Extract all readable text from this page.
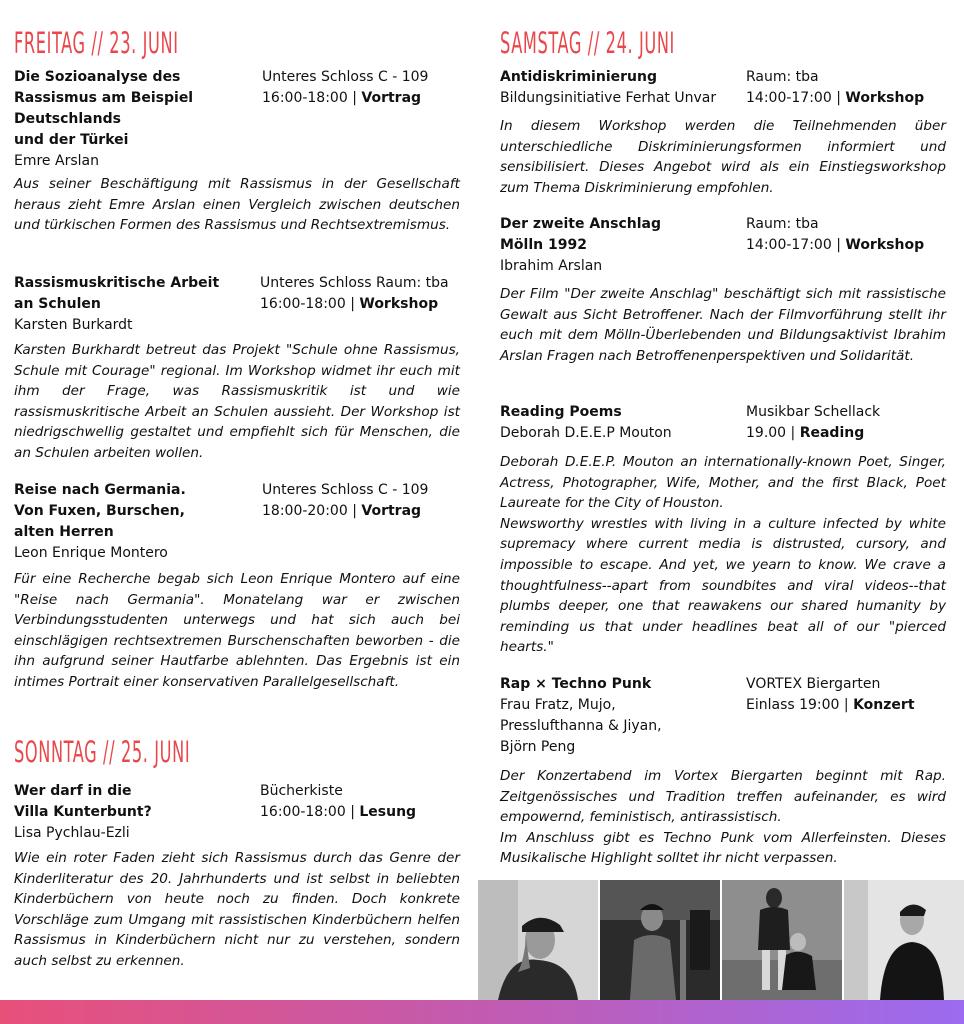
FREITAG // 23. JUNI
Die Sozioanalyse des
Rassismus am Beispiel
Deutschlands
und der Türkei
Emre Arslan
Unteres Schloss C - 109
16:00-18:00 | Vortrag

Aus seiner Beschäftigung mit Rassismus in der Gesellschaft heraus zieht Emre Arslan einen Vergleich zwischen deutschen und türkischen Formen des Rassismus und Rechtsextremismus.

Rassismuskritische Arbeit
an Schulen
Karsten Burkardt
Unteres Schloss Raum: tba
16:00-18:00 | Workshop

Karsten Burkhardt betreut das Projekt "Schule ohne Rassismus, Schule mit Courage" regional. Im Workshop widmet ihr euch mit ihm der Frage, was Rassismuskritik ist und wie rassismuskritische Arbeit an Schulen aussieht. Der Workshop ist niedrigschwellig gestaltet und empfiehlt sich für Menschen, die an Schulen arbeiten wollen.

Reise nach Germania.
Von Fuxen, Burschen,
alten Herren
Leon Enrique Montero
Unteres Schloss C - 109
18:00-20:00 | Vortrag

Für eine Recherche begab sich Leon Enrique Montero auf eine "Reise nach Germania". Monatelang war er zwischen Verbindungsstudenten unterwegs und hat sich auch bei einschlägigen rechtsextremen Burschenschaften beworben - die ihn aufgrund seiner Hautfarbe ablehnten. Das Ergebnis ist ein intimes Portrait einer konservativen Parallelgesellschaft.

SONNTAG // 25. JUNI
Wer darf in die
Villa Kunterbunt?
Lisa Pychlau-Ezli
Bücherkiste
16:00-18:00 | Lesung

Wie ein roter Faden zieht sich Rassismus durch das Genre der Kinderliteratur des 20. Jahrhunderts und ist selbst in beliebten Kinderbüchern von heute noch zu finden. Doch konkrete Vorschläge zum Umgang mit rassistischen Kinderbüchern helfen Rassismus in Kinderbüchern nicht nur zu verstehen, sondern auch selbst zu erkennen.

SAMSTAG // 24. JUNI
Antidiskriminierung
Bildungsinitiative Ferhat Unvar
Raum: tba
14:00-17:00 | Workshop

In diesem Workshop werden die Teilnehmenden über unterschiedliche Diskriminierungsformen informiert und sensibilisiert. Dieses Angebot wird als ein Einstiegsworkshop zum Thema Diskriminierung empfohlen.

Der zweite Anschlag
Mölln 1992
Ibrahim Arslan
Raum: tba
14:00-17:00 | Workshop

Der Film "Der zweite Anschlag" beschäftigt sich mit rassistische Gewalt aus Sicht Betroffener. Nach der Filmvorführung stellt ihr euch mit dem Mölln-Überlebenden und Bildungsaktivist Ibrahim Arslan Fragen nach Betroffenenperspektiven und Solidarität.

Reading Poems
Deborah D.E.E.P Mouton
Musikbar Schellack
19.00 | Reading

Deborah D.E.E.P. Mouton an internationally-known Poet, Singer, Actress, Photographer, Wife, Mother, and the first Black, Poet Laureate for the City of Houston.

Newsworthy wrestles with living in a culture infected by white supremacy where current media is distrusted, cursory, and impossible to escape. And yet, we yearn to know. We crave a thoughtfulness--apart from soundbites and viral videos--that plumbs deeper, one that reawakens our shared humanity by reminding us that under headlines beat all of our "pierced hearts."

Rap × Techno Punk
Frau Fratz, Mujo,
Presslufthanna & Jiyan,
Björn Peng
VORTEX Biergarten
Einlass 19:00 | Konzert

Der Konzertabend im Vortex Biergarten beginnt mit Rap. Zeitgenössisches und Tradition treffen aufeinander, es wird empowernd, feministisch, antirassistisch.

Im Anschluss gibt es Techno Punk vom Allerfeinsten. Dieses Musikalische Highlight solltet ihr nicht verpassen.
